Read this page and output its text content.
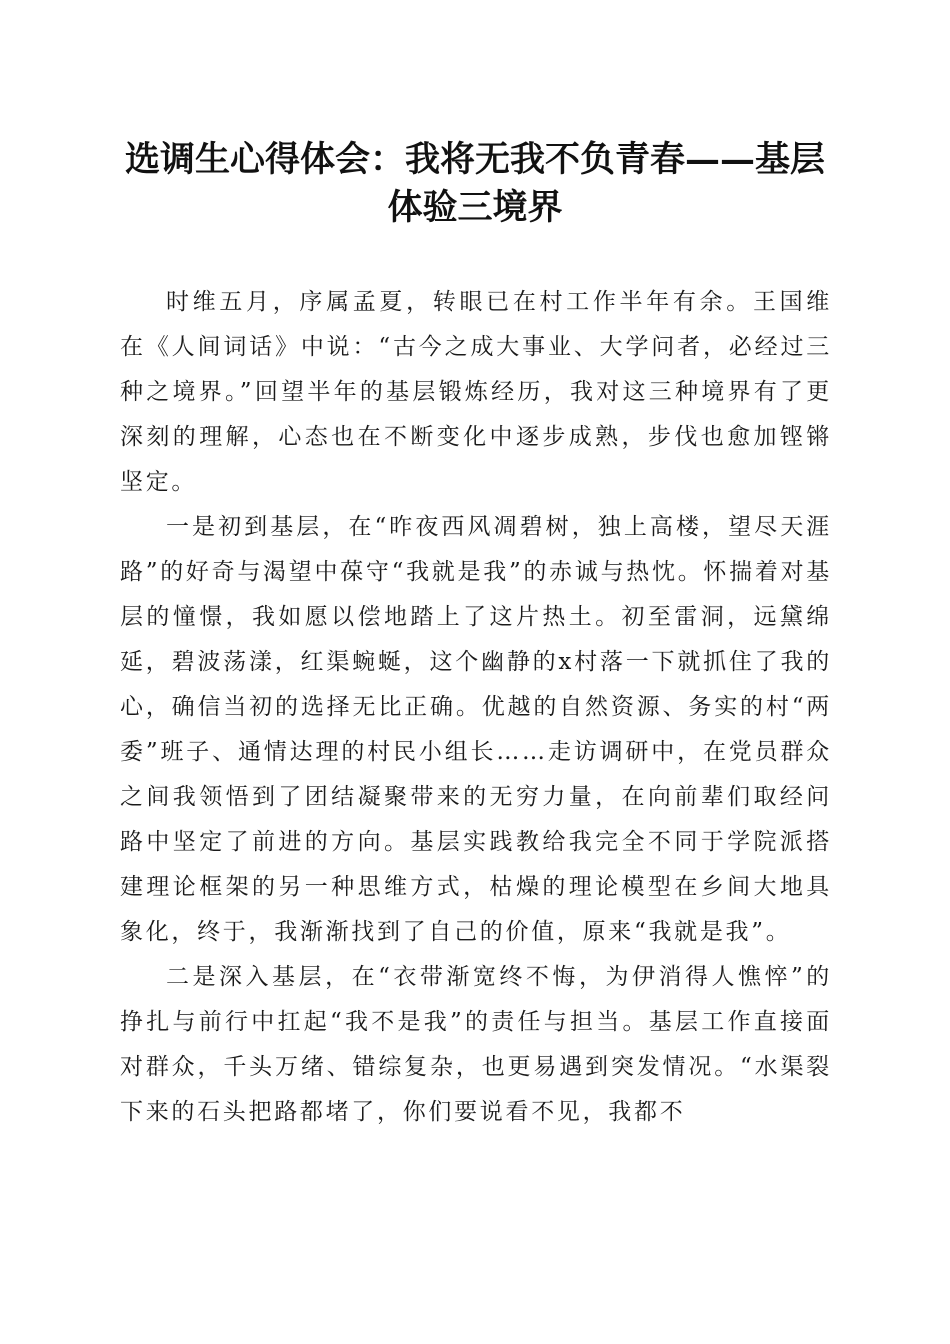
选调生心得体会：我将无我不负青春——基层体验三境界

时维五月，序属孟夏，转眼已在村工作半年有余。王国维在《人间词话》中说：“古今之成大事业、大学问者，必经过三种之境界。”回望半年的基层锻炼经历，我对这三种境界有了更深刻的理解，心态也在不断变化中逐步成熟，步伐也愈加铿锵坚定。

一是初到基层，在“昨夜西风凋碧树，独上高楼，望尽天涯路”的好奇与渴望中葆守“我就是我”的赤诚与热忱。怀揣着对基层的憧憬，我如愿以偿地踏上了这片热土。初至雷洞，远黛绵延，碧波荡漾，红渠蜿蜒，这个幽静的x村落一下就抓住了我的心，确信当初的选择无比正确。优越的自然资源、务实的村“两委”班子、通情达理的村民小组长……走访调研中，在党员群众之间我领悟到了团结凝聚带来的无穷力量，在向前辈们取经问路中坚定了前进的方向。基层实践教给我完全不同于学院派搭建理论框架的另一种思维方式，枯燥的理论模型在乡间大地具象化，终于，我渐渐找到了自己的价值，原来“我就是我”。

二是深入基层，在“衣带渐宽终不悔，为伊消得人憔悴”的挣扎与前行中扛起“我不是我”的责任与担当。基层工作直接面对群众，千头万绪、错综复杂，也更易遇到突发情况。“水渠裂下来的石头把路都堵了，你们要说看不见，我都不
